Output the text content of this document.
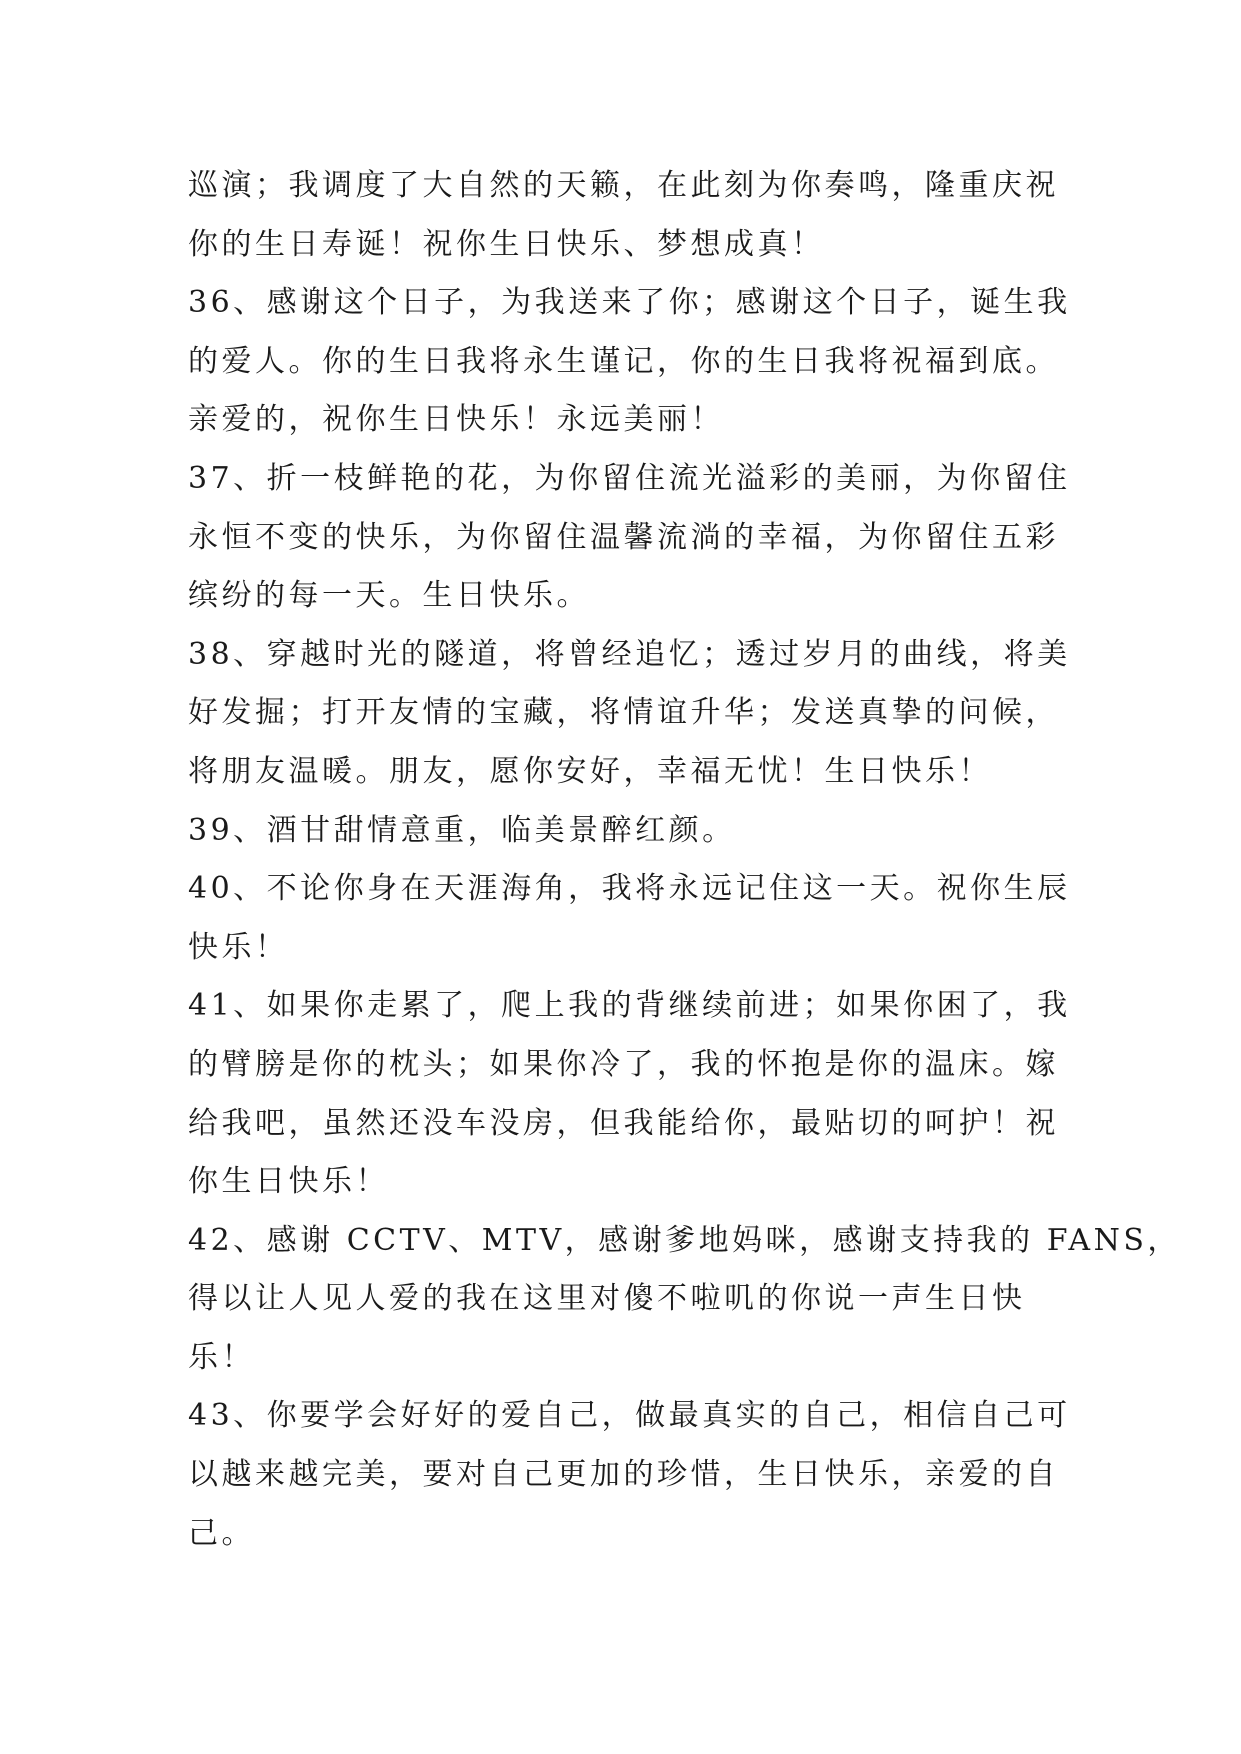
巡演；我调度了大自然的天籁，在此刻为你奏鸣，隆重庆祝
你的生日寿诞！祝你生日快乐、梦想成真！
36、感谢这个日子，为我送来了你；感谢这个日子，诞生我
的爱人。你的生日我将永生谨记，你的生日我将祝福到底。
亲爱的，祝你生日快乐！永远美丽！
37、折一枝鲜艳的花，为你留住流光溢彩的美丽，为你留住
永恒不变的快乐，为你留住温馨流淌的幸福，为你留住五彩
缤纷的每一天。生日快乐。
38、穿越时光的隧道，将曾经追忆；透过岁月的曲线，将美
好发掘；打开友情的宝藏，将情谊升华；发送真挚的问候，
将朋友温暖。朋友，愿你安好，幸福无忧！生日快乐！
39、酒甘甜情意重，临美景醉红颜。
40、不论你身在天涯海角，我将永远记住这一天。祝你生辰
快乐！
41、如果你走累了，爬上我的背继续前进；如果你困了，我
的臂膀是你的枕头；如果你冷了，我的怀抱是你的温床。嫁
给我吧，虽然还没车没房，但我能给你，最贴切的呵护！祝
你生日快乐！
42、感谢 CCTV、MTV，感谢爹地妈咪，感谢支持我的 FANS，
得以让人见人爱的我在这里对傻不啦叽的你说一声生日快
乐！
43、你要学会好好的爱自己，做最真实的自己，相信自己可
以越来越完美，要对自己更加的珍惜，生日快乐，亲爱的自
己。
